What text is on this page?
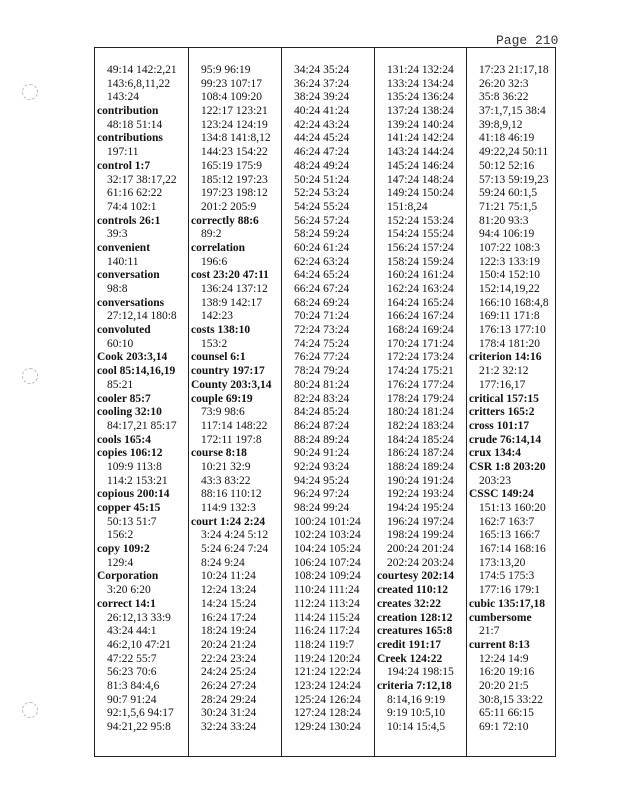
Page 210
49:14 142:2,21
143:6,8,11,22
143:24
contribution
48:18 51:14
contributions
197:11
control 1:7
32:17 38:17,22
61:16 62:22
74:4 102:1
controls 26:1
39:3
convenient
140:11
conversation
98:8
conversations
27:12,14 180:8
convoluted
60:10
Cook 203:3,14
cool 85:14,16,19
85:21
cooler 85:7
cooling 32:10
84:17,21 85:17
cools 165:4
copies 106:12
109:9 113:8
114:2 153:21
copious 200:14
copper 45:15
50:13 51:7
156:2
copy 109:2
129:4
Corporation
3:20 6:20
correct 14:1
26:12,13 33:9
43:24 44:1
46:2,10 47:21
47:22 55:7
56:23 70:6
81:3 84:4,6
90:7 91:24
92:1,5,6 94:17
94:21,22 95:8
95:9 96:19
99:23 107:17
108:4 109:20
122:17 123:21
123:24 124:19
134:8 141:8,12
144:23 154:22
165:19 175:9
185:12 197:23
197:23 198:12
201:2 205:9
correctly 88:6
89:2
correlation
196:6
cost 23:20 47:11
136:24 137:12
138:9 142:17
142:23
costs 138:10
153:2
counsel 6:1
country 197:17
County 203:3,14
couple 69:19
73:9 98:6
117:14 148:22
172:11 197:8
course 8:18
10:21 32:9
43:3 83:22
88:16 110:12
114:9 132:3
court 1:24 2:24
3:24 4:24 5:12
5:24 6:24 7:24
8:24 9:24
10:24 11:24
12:24 13:24
14:24 15:24
16:24 17:24
18:24 19:24
20:24 21:24
22:24 23:24
24:24 25:24
26:24 27:24
28:24 29:24
30:24 31:24
32:24 33:24
34:24 35:24
36:24 37:24
38:24 39:24
40:24 41:24
42:24 43:24
44:24 45:24
46:24 47:24
48:24 49:24
50:24 51:24
52:24 53:24
54:24 55:24
56:24 57:24
58:24 59:24
60:24 61:24
62:24 63:24
64:24 65:24
66:24 67:24
68:24 69:24
70:24 71:24
72:24 73:24
74:24 75:24
76:24 77:24
78:24 79:24
80:24 81:24
82:24 83:24
84:24 85:24
86:24 87:24
88:24 89:24
90:24 91:24
92:24 93:24
94:24 95:24
96:24 97:24
98:24 99:24
100:24 101:24
102:24 103:24
104:24 105:24
106:24 107:24
108:24 109:24
110:24 111:24
112:24 113:24
114:24 115:24
116:24 117:24
118:24 119:7
119:24 120:24
121:24 122:24
123:24 124:24
125:24 126:24
127:24 128:24
129:24 130:24
131:24 132:24
133:24 134:24
135:24 136:24
137:24 138:24
139:24 140:24
141:24 142:24
143:24 144:24
145:24 146:24
147:24 148:24
149:24 150:24
151:8,24
152:24 153:24
154:24 155:24
156:24 157:24
158:24 159:24
160:24 161:24
162:24 163:24
164:24 165:24
166:24 167:24
168:24 169:24
170:24 171:24
172:24 173:24
174:24 175:21
176:24 177:24
178:24 179:24
180:24 181:24
182:24 183:24
184:24 185:24
186:24 187:24
188:24 189:24
190:24 191:24
192:24 193:24
194:24 195:24
196:24 197:24
198:24 199:24
200:24 201:24
202:24 203:24
courtesy 202:14
created 110:12
creates 32:22
creation 128:12
creatures 165:8
credit 191:17
Creek 124:22
194:24 198:15
criteria 7:12,18
8:14,16 9:19
9:19 10:5,10
10:14 15:4,5
17:23 21:17,18
26:20 32:3
35:8 36:22
37:1,7,15 38:4
39:8,9,12
41:18 46:19
49:22,24 50:11
50:12 52:16
57:13 59:19,23
59:24 60:1,5
71:21 75:1,5
81:20 93:3
94:4 106:19
107:22 108:3
122:3 133:19
150:4 152:10
152:14,19,22
166:10 168:4,8
169:11 171:8
176:13 177:10
178:4 181:20
criterion 14:16
21:2 32:12
177:16,17
critical 157:15
critters 165:2
cross 101:17
crude 76:14,14
crux 134:4
CSR 1:8 203:20
203:23
CSSC 149:24
151:13 160:20
162:7 163:7
165:13 166:7
167:14 168:16
173:13,20
174:5 175:3
177:16 179:1
cubic 135:17,18
cumbersome
21:7
current 8:13
12:24 14:9
16:20 19:16
20:20 21:5
30:8,15 33:22
65:11 66:15
69:1 72:10
